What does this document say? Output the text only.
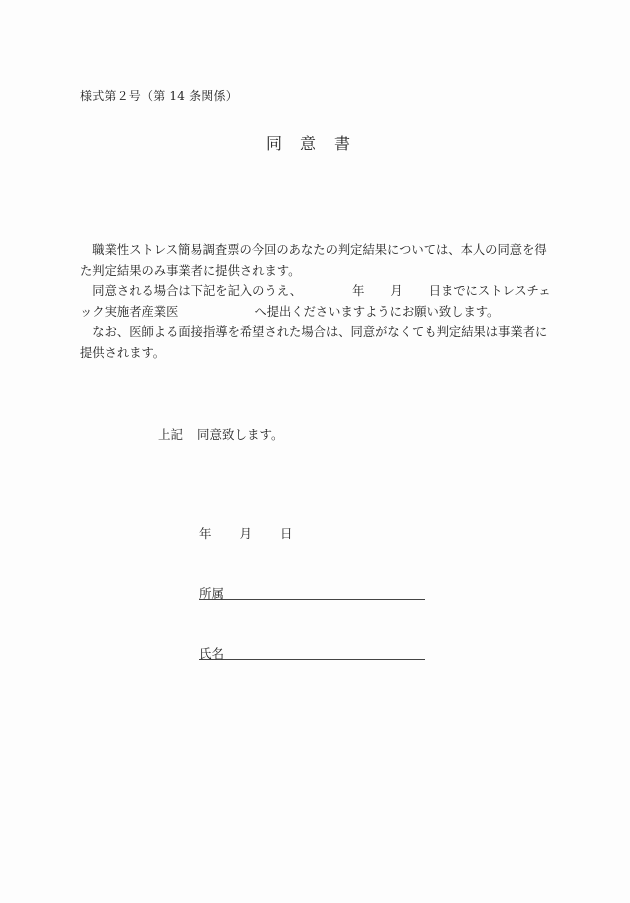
様式第２号（第 14 条関係）
同意書

職業性ストレス簡易調査票の今回のあなたの判定結果については、本人の同意を得た判定結果のみ事業者に提供されます。

同意される場合は下記を記入のうえ、	年 月 日までにストレスチェック実施者産業医	へ提出くださいますようにお願い致します。

なお、医師よる面接指導を希望された場合は、同意がなくても判定結果は事業者に提供されます。

上記 同意致します。
年 月 日
所属
氏名
